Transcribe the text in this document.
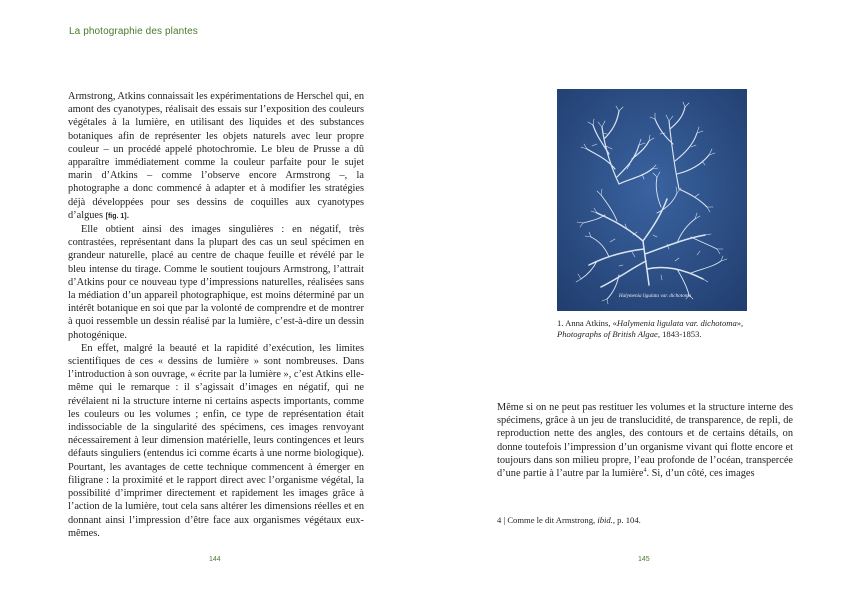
La photographie des plantes

Armstrong, Atkins connaissait les expérimentations de Herschel qui, en amont des cyanotypes, réalisait des essais sur l’exposition des couleurs végétales à la lumière, en utilisant des liquides et des substances botaniques afin de représenter les objets naturels avec leur propre couleur – un procédé appelé photochromie. Le bleu de Prusse a dû apparaître immédiatement comme la couleur parfaite pour le sujet marin d’Atkins – comme l’observe encore Armstrong –, la photographe a donc commencé à adapter et à modifier les stratégies déjà développées pour ses dessins de coquilles aux cyanotypes d’algues [fig. 1].

Elle obtient ainsi des images singulières : en négatif, très contrastées, représentant dans la plupart des cas un seul spécimen en grandeur naturelle, placé au centre de chaque feuille et révélé par le bleu intense du tirage. Comme le soutient toujours Armstrong, l’attrait d’Atkins pour ce nouveau type d’impressions naturelles, réalisées sans la médiation d’un appareil photographique, est moins déterminé par un intérêt botanique en soi que par la volonté de comprendre et de montrer à quoi ressemble un dessin réalisé par la lumière, c’est-à-dire un dessin photogénique.

En effet, malgré la beauté et la rapidité d’exécution, les limites scientifiques de ces « dessins de lumière » sont nombreuses. Dans l’introduction à son ouvrage, « écrite par la lumière », c’est Atkins elle-même qui le remarque : il s’agissait d’images en négatif, qui ne révélaient ni la structure interne ni certains aspects importants, comme les couleurs ou les volumes ; enfin, ce type de représentation était indissociable de la singularité des spécimens, ces images renvoyant nécessairement à leur dimension matérielle, leurs contingences et leurs défauts singuliers (entendus ici comme écarts à une norme biologique). Pourtant, les avantages de cette technique commencent à émerger en filigrane : la proximité et le rapport direct avec l’organisme végétal, la possibilité d’imprimer directement et rapidement les images grâce à l’action de la lumière, tout cela sans altérer les dimensions réelles et en donnant ainsi l’impression d’être face aux organismes végétaux eux-mêmes.

144
Halymenia ligulata var. dichotoma
1. Anna Atkins, «Halymenia ligulata var. dichotoma»,
Photographs of British Algae, 1843-1853.

Même si on ne peut pas restituer les volumes et la structure interne des spécimens, grâce à un jeu de translucidité, de transparence, de repli, de reproduction nette des angles, des contours et de certains détails, on donne toutefois l’impression d’un organisme vivant qui flotte encore et toujours dans son milieu propre, l’eau profonde de l’océan, transpercée d’une partie à l’autre par la lumière$^4$. Si, d’un côté, ces images

4 | Comme le dit Armstrong, ibid., p. 104.
145
